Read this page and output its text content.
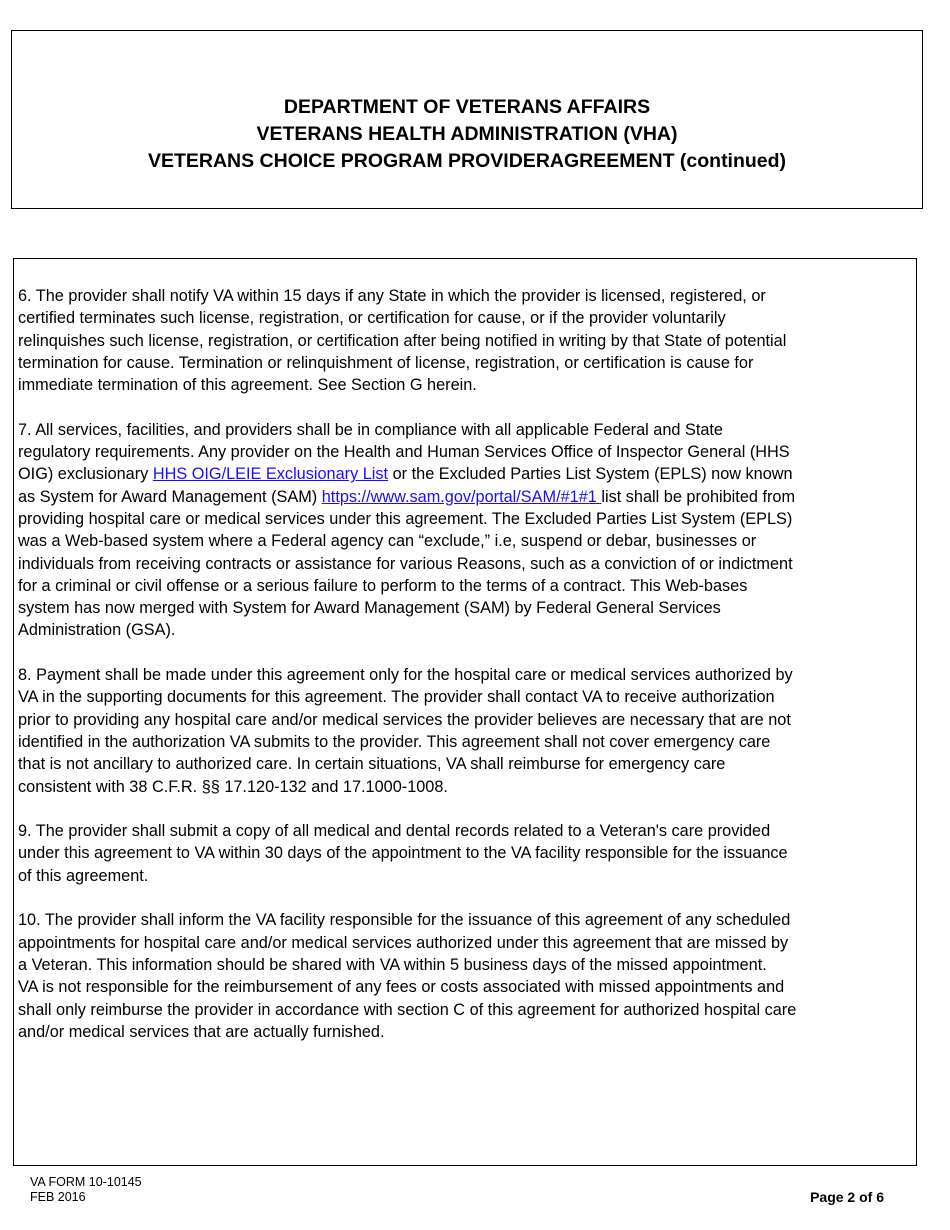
DEPARTMENT OF VETERANS AFFAIRS
VETERANS HEALTH ADMINISTRATION (VHA)
VETERANS CHOICE PROGRAM PROVIDERAGREEMENT (continued)
6. The provider shall notify VA within 15 days if any State in which the provider is licensed, registered, or
certified terminates such license, registration, or certification for cause, or if the provider voluntarily
relinquishes such license, registration, or certification after being notified in writing by that State of potential
termination for cause. Termination or relinquishment of license, registration, or certification is cause for
immediate termination of this agreement. See Section G herein.
7. All services, facilities, and providers shall be in compliance with all applicable Federal and State
regulatory requirements. Any provider on the Health and Human Services Office of Inspector General (HHS
OIG) exclusionary HHS OIG/LEIE Exclusionary List or the Excluded Parties List System (EPLS) now known
as System for Award Management (SAM) https://www.sam.gov/portal/SAM/#1#1 list shall be prohibited from
providing hospital care or medical services under this agreement. The Excluded Parties List System (EPLS)
was a Web-based system where a Federal agency can “exclude,” i.e, suspend or debar, businesses or
individuals from receiving contracts or assistance for various Reasons, such as a conviction of or indictment
for a criminal or civil offense or a serious failure to perform to the terms of a contract. This Web-bases
system has now merged with System for Award Management (SAM) by Federal General Services
Administration (GSA).
8. Payment shall be made under this agreement only for the hospital care or medical services authorized by
VA in the supporting documents for this agreement. The provider shall contact VA to receive authorization
prior to providing any hospital care and/or medical services the provider believes are necessary that are not
identified in the authorization VA submits to the provider. This agreement shall not cover emergency care
that is not ancillary to authorized care. In certain situations, VA shall reimburse for emergency care
consistent with 38 C.F.R. §§ 17.120-132 and 17.1000-1008.
9. The provider shall submit a copy of all medical and dental records related to a Veteran's care provided
under this agreement to VA within 30 days of the appointment to the VA facility responsible for the issuance
of this agreement.
10. The provider shall inform the VA facility responsible for the issuance of this agreement of any scheduled
appointments for hospital care and/or medical services authorized under this agreement that are missed by
a Veteran. This information should be shared with VA within 5 business days of the missed appointment.
VA is not responsible for the reimbursement of any fees or costs associated with missed appointments and
shall only reimburse the provider in accordance with section C of this agreement for authorized hospital care
and/or medical services that are actually furnished.
VA FORM 10-10145
FEB 2016	Page 2 of 6
